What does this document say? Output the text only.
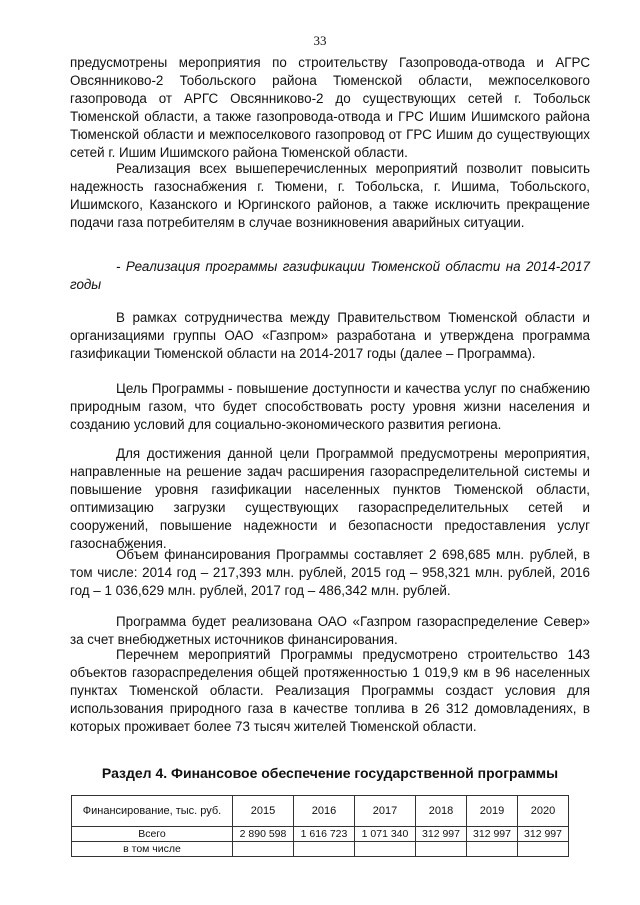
33

предусмотрены мероприятия по строительству Газопровода-отвода и АГРС Овсянниково-2 Тобольского района Тюменской области, межпоселкового газопровода от АРГС Овсянниково-2 до существующих сетей г. Тобольск Тюменской области, а также газопровода-отвода и ГРС Ишим Ишимского района Тюменской области и межпоселкового газопровод от ГРС Ишим до существующих сетей г. Ишим Ишимского района Тюменской области.

Реализация всех вышеперечисленных мероприятий позволит повысить надежность газоснабжения г. Тюмени, г. Тобольска, г. Ишима, Тобольского, Ишимского, Казанского и Юргинского районов, а также исключить прекращение подачи газа потребителям в случае возникновения аварийных ситуации.

- Реализация программы газификации Тюменской области на 2014-2017 годы

В рамках сотрудничества между Правительством Тюменской области и организациями группы ОАО «Газпром» разработана и утверждена программа газификации Тюменской области на 2014-2017 годы (далее – Программа).

Цель Программы - повышение доступности и качества услуг по снабжению природным газом, что будет способствовать росту уровня жизни населения и созданию условий для социально-экономического развития региона.

Для достижения данной цели Программой предусмотрены мероприятия, направленные на решение задач расширения газораспределительной системы и повышение уровня газификации населенных пунктов Тюменской области, оптимизацию загрузки существующих газораспределительных сетей и сооружений, повышение надежности и безопасности предоставления услуг газоснабжения.

Объем финансирования Программы составляет 2 698,685 млн. рублей, в том числе: 2014 год – 217,393 млн. рублей, 2015 год – 958,321 млн. рублей, 2016 год – 1 036,629 млн. рублей, 2017 год – 486,342 млн. рублей.

Программа будет реализована ОАО «Газпром газораспределение Север» за счет внебюджетных источников финансирования.

Перечнем мероприятий Программы предусмотрено строительство 143 объектов газораспределения общей протяженностью 1 019,9 км в 96 населенных пунктах Тюменской области. Реализация Программы создаст условия для использования природного газа в качестве топлива в 26 312 домовладениях, в которых проживает более 73 тысяч жителей Тюменской области.

Раздел 4. Финансовое обеспечение государственной программы
Финансирование, тыс. руб.	2015	2016	2017	2018	2019	2020
Всего	2 890 598	1 616 723	1 071 340	312 997	312 997	312 997
в том числе						
